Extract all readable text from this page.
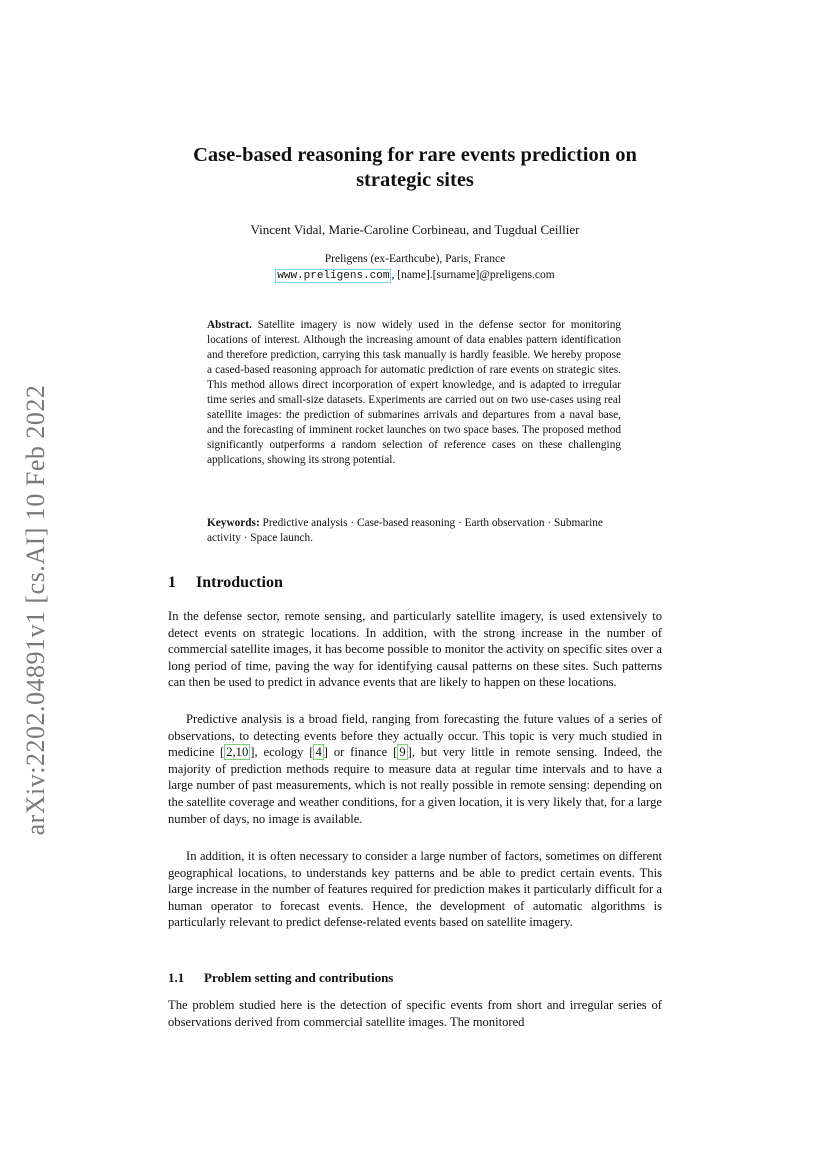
arXiv:2202.04891v1 [cs.AI] 10 Feb 2022
Case-based reasoning for rare events prediction on
strategic sites
Vincent Vidal, Marie-Caroline Corbineau, and Tugdual Ceillier
Preligens (ex-Earthcube), Paris, France
www.preligens.com , [name].[surname]@preligens.com
Abstract. Satellite imagery is now widely used in the defense sector for monitoring locations of interest. Although the increasing amount of data enables pattern identification and therefore prediction, carrying this task manually is hardly feasible. We hereby propose a cased-based reasoning approach for automatic prediction of rare events on strategic sites. This method allows direct incorporation of expert knowledge, and is adapted to irregular time series and small-size datasets. Experiments are carried out on two use-cases using real satellite images: the prediction of submarines arrivals and departures from a naval base, and the forecasting of imminent rocket launches on two space bases. The proposed method significantly outperforms a random selection of reference cases on these challenging applications, showing its strong potential.
Keywords: Predictive analysis · Case-based reasoning · Earth observation · Submarine activity · Space launch.
1 Introduction

In the defense sector, remote sensing, and particularly satellite imagery, is used extensively to detect events on strategic locations. In addition, with the strong increase in the number of commercial satellite images, it has become possible to monitor the activity on specific sites over a long period of time, paving the way for identifying causal patterns on these sites. Such patterns can then be used to predict in advance events that are likely to happen on these locations.

Predictive analysis is a broad field, ranging from forecasting the future values of a series of observations, to detecting events before they actually occur. This topic is very much studied in medicine [ 2,10 ], ecology [ 4 ] or finance [ 9 ], but very little in remote sensing. Indeed, the majority of prediction methods require to measure data at regular time intervals and to have a large number of past measurements, which is not really possible in remote sensing: depending on the satellite coverage and weather conditions, for a given location, it is very likely that, for a large number of days, no image is available.

In addition, it is often necessary to consider a large number of factors, sometimes on different geographical locations, to understands key patterns and be able to predict certain events. This large increase in the number of features required for prediction makes it particularly difficult for a human operator to forecast events. Hence, the development of automatic algorithms is particularly relevant to predict defense-related events based on satellite imagery.

1.1 Problem setting and contributions

The problem studied here is the detection of specific events from short and irregular series of observations derived from commercial satellite images. The monitored
